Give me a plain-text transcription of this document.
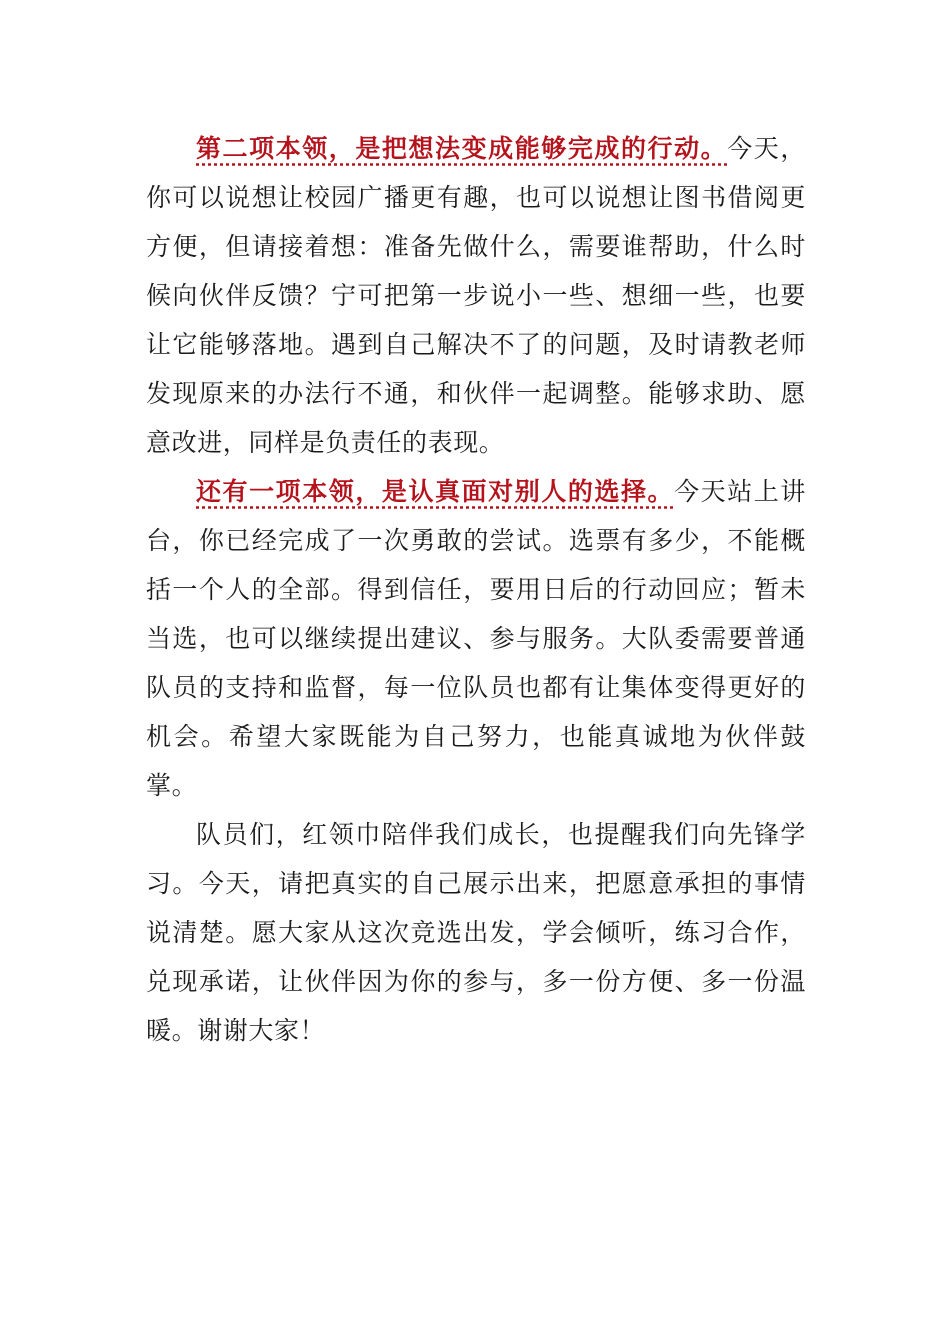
第二项本领，是把想法变成能够完成的行动。今天，你可以说想让校园广播更有趣，也可以说想让图书借阅更方便，但请接着想：准备先做什么，需要谁帮助，什么时候向伙伴反馈？宁可把第一步说小一些、想细一些，也要让它能够落地。遇到自己解决不了的问题，及时请教老师发现原来的办法行不通，和伙伴一起调整。能够求助、愿意改进，同样是负责任的表现。

还有一项本领，是认真面对别人的选择。今天站上讲台，你已经完成了一次勇敢的尝试。选票有多少，不能概括一个人的全部。得到信任，要用日后的行动回应；暂未当选，也可以继续提出建议、参与服务。大队委需要普通队员的支持和监督，每一位队员也都有让集体变得更好的机会。希望大家既能为自己努力，也能真诚地为伙伴鼓掌。

队员们，红领巾陪伴我们成长，也提醒我们向先锋学习。今天，请把真实的自己展示出来，把愿意承担的事情说清楚。愿大家从这次竞选出发，学会倾听，练习合作，兑现承诺，让伙伴因为你的参与，多一份方便、多一份温暖。谢谢大家！
